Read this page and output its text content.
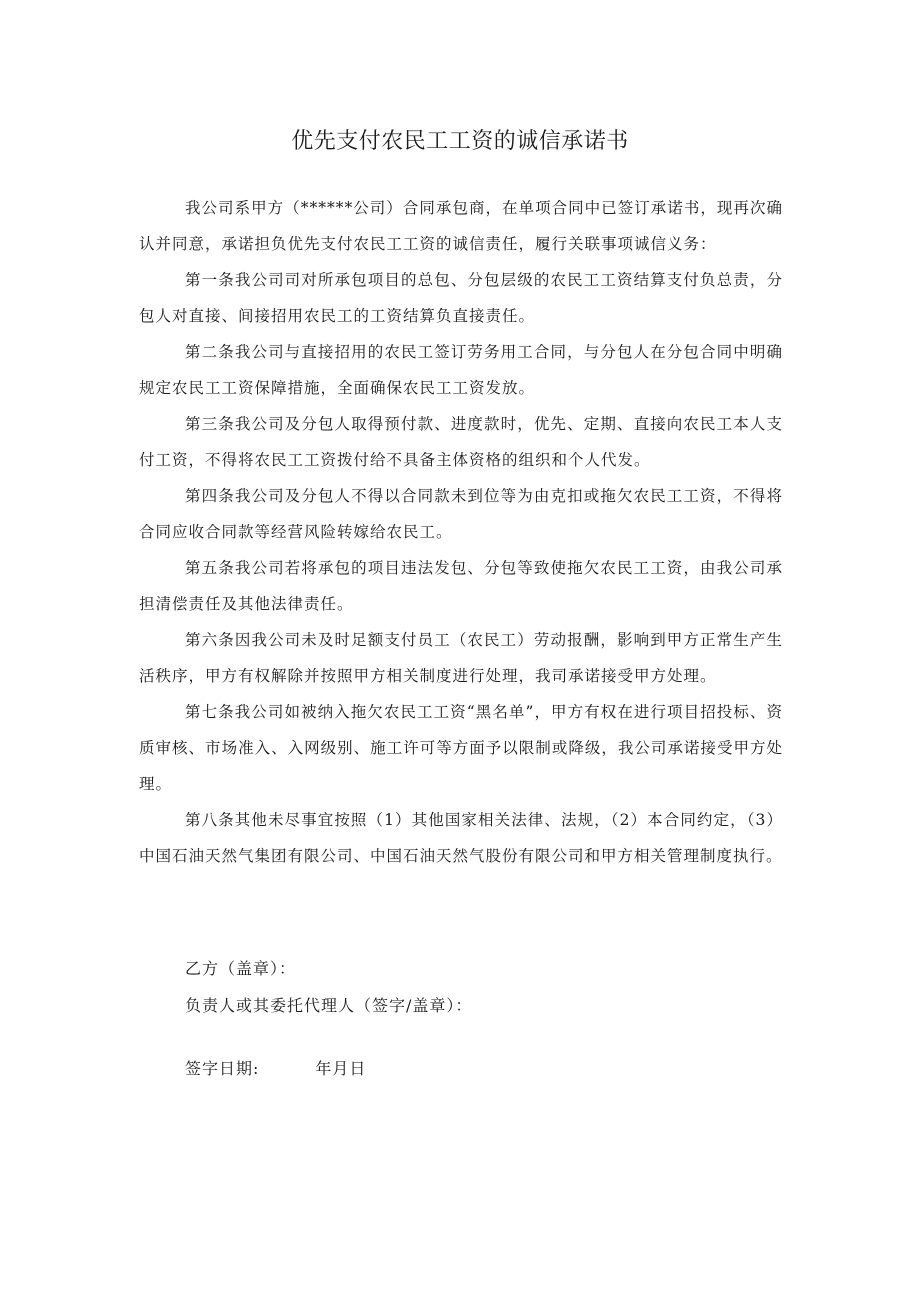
优先支付农民工工资的诚信承诺书

我公司系甲方（******公司）合同承包商，在单项合同中已签订承诺书，现再次确认并同意，承诺担负优先支付农民工工资的诚信责任，履行关联事项诚信义务：

第一条我公司司对所承包项目的总包、分包层级的农民工工资结算支付负总责，分包人对直接、间接招用农民工的工资结算负直接责任。

第二条我公司与直接招用的农民工签订劳务用工合同，与分包人在分包合同中明确规定农民工工资保障措施，全面确保农民工工资发放。

第三条我公司及分包人取得预付款、进度款时，优先、定期、直接向农民工本人支付工资，不得将农民工工资拨付给不具备主体资格的组织和个人代发。

第四条我公司及分包人不得以合同款未到位等为由克扣或拖欠农民工工资，不得将合同应收合同款等经营风险转嫁给农民工。

第五条我公司若将承包的项目违法发包、分包等致使拖欠农民工工资，由我公司承担清偿责任及其他法律责任。

第六条因我公司未及时足额支付员工（农民工）劳动报酬，影响到甲方正常生产生活秩序，甲方有权解除并按照甲方相关制度进行处理，我司承诺接受甲方处理。

第七条我公司如被纳入拖欠农民工工资“黑名单”，甲方有权在进行项目招投标、资质审核、市场准入、入网级别、施工许可等方面予以限制或降级，我公司承诺接受甲方处理。

第八条其他未尽事宜按照（1）其他国家相关法律、法规，（2）本合同约定，（3）中国石油天然气集团有限公司、中国石油天然气股份有限公司和甲方相关管理制度执行。

乙方（盖章）：

负责人或其委托代理人（签字/盖章）：

签字日期:	年月日
